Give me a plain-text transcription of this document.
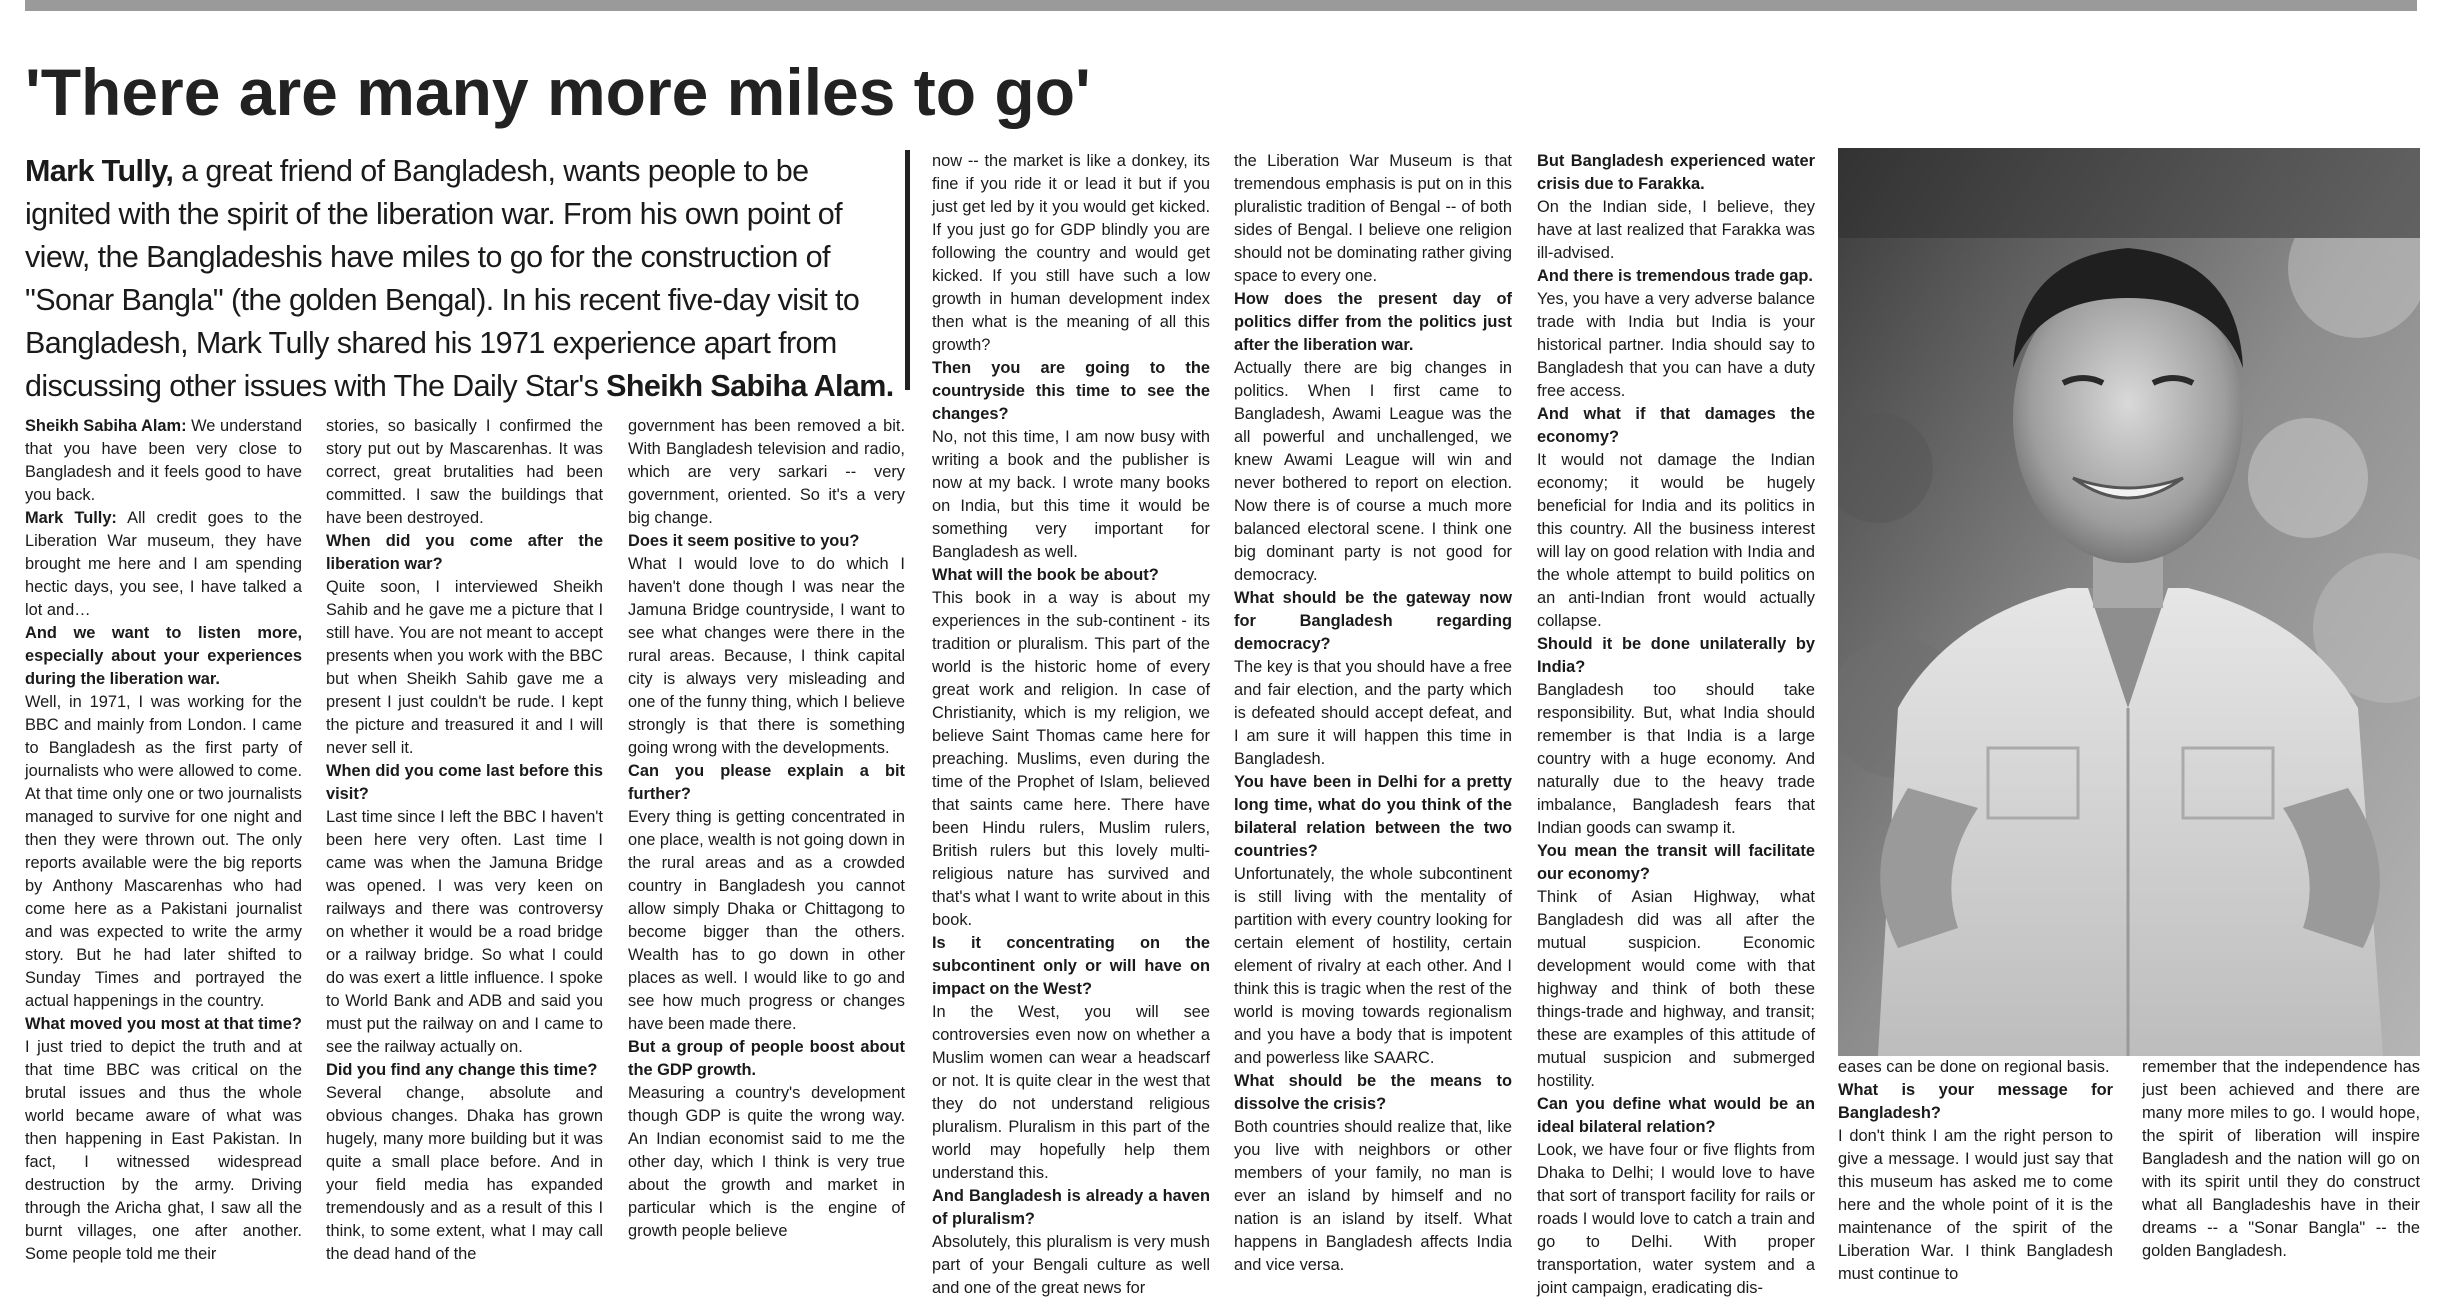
'There are many more miles to go'
Mark Tully, a great friend of Bangladesh, wants people to be ignited with the spirit of the liberation war. From his own point of view, the Bangladeshis have miles to go for the construction of "Sonar Bangla" (the golden Bengal). In his recent five-day visit to Bangladesh, Mark Tully shared his 1971 experience apart from discussing other issues with The Daily Star's Sheikh Sabiha Alam.

Sheikh Sabiha Alam: We understand that you have been very close to Bangladesh and it feels good to have you back.

Mark Tully: All credit goes to the Liberation War museum, they have brought me here and I am spending hectic days, you see, I have talked a lot and…

And we want to listen more, especially about your experiences during the liberation war.

Well, in 1971, I was working for the BBC and mainly from London. I came to Bangladesh as the first party of journalists who were allowed to come. At that time only one or two journalists managed to survive for one night and then they were thrown out. The only reports available were the big reports by Anthony Mascarenhas who had come here as a Pakistani journalist and was expected to write the army story. But he had later shifted to Sunday Times and portrayed the actual happenings in the country.

What moved you most at that time?

I just tried to depict the truth and at that time BBC was critical on the brutal issues and thus the whole world became aware of what was then happening in East Pakistan. In fact, I witnessed widespread destruction by the army. Driving through the Aricha ghat, I saw all the burnt villages, one after another. Some people told me their

stories, so basically I confirmed the story put out by Mascarenhas. It was correct, great brutalities had been committed. I saw the buildings that have been destroyed.

When did you come after the liberation war?

Quite soon, I interviewed Sheikh Sahib and he gave me a picture that I still have. You are not meant to accept presents when you work with the BBC but when Sheikh Sahib gave me a present I just couldn't be rude. I kept the picture and treasured it and I will never sell it.

When did you come last before this visit?

Last time since I left the BBC I haven't been here very often. Last time I came was when the Jamuna Bridge was opened. I was very keen on railways and there was controversy on whether it would be a road bridge or a railway bridge. So what I could do was exert a little influence. I spoke to World Bank and ADB and said you must put the railway on and I came to see the railway actually on.

Did you find any change this time?

Several change, absolute and obvious changes. Dhaka has grown hugely, many more building but it was quite a small place before. And in your field media has expanded tremendously and as a result of this I think, to some extent, what I may call the dead hand of the

government has been removed a bit. With Bangladesh television and radio, which are very sarkari -- very government, oriented. So it's a very big change.

Does it seem positive to you?

What I would love to do which I haven't done though I was near the Jamuna Bridge countryside, I want to see what changes were there in the rural areas. Because, I think capital city is always very misleading and one of the funny thing, which I believe strongly is that there is something going wrong with the developments.

Can you please explain a bit further?

Every thing is getting concentrated in one place, wealth is not going down in the rural areas and as a crowded country in Bangladesh you cannot allow simply Dhaka or Chittagong to become bigger than the others. Wealth has to go down in other places as well. I would like to go and see how much progress or changes have been made there.

But a group of people boost about the GDP growth.

Measuring a country's development though GDP is quite the wrong way. An Indian economist said to me the other day, which I think is very true about the growth and market in particular which is the engine of growth people believe

now -- the market is like a donkey, its fine if you ride it or lead it but if you just get led by it you would get kicked. If you just go for GDP blindly you are following the country and would get kicked. If you still have such a low growth in human development index then what is the meaning of all this growth?

Then you are going to the countryside this time to see the changes?

No, not this time, I am now busy with writing a book and the publisher is now at my back. I wrote many books on India, but this time it would be something very important for Bangladesh as well.

What will the book be about?

This book in a way is about my experiences in the sub-continent - its tradition or pluralism. This part of the world is the historic home of every great work and religion. In case of Christianity, which is my religion, we believe Saint Thomas came here for preaching. Muslims, even during the time of the Prophet of Islam, believed that saints came here. There have been Hindu rulers, Muslim rulers, British rulers but this lovely multi-religious nature has survived and that's what I want to write about in this book.

Is it concentrating on the subcontinent only or will have on impact on the West?

In the West, you will see controversies even now on whether a Muslim women can wear a headscarf or not. It is quite clear in the west that they do not understand religious pluralism. Pluralism in this part of the world may hopefully help them understand this.

And Bangladesh is already a haven of pluralism?

Absolutely, this pluralism is very mush part of your Bengali culture as well and one of the great news for

the Liberation War Museum is that tremendous emphasis is put on in this pluralistic tradition of Bengal -- of both sides of Bengal. I believe one religion should not be dominating rather giving space to every one.

How does the present day of politics differ from the politics just after the liberation war.

Actually there are big changes in politics. When I first came to Bangladesh, Awami League was the all powerful and unchallenged, we knew Awami League will win and never bothered to report on election. Now there is of course a much more balanced electoral scene. I think one big dominant party is not good for democracy.

What should be the gateway now for Bangladesh regarding democracy?

The key is that you should have a free and fair election, and the party which is defeated should accept defeat, and I am sure it will happen this time in Bangladesh.

You have been in Delhi for a pretty long time, what do you think of the bilateral relation between the two countries?

Unfortunately, the whole subcontinent is still living with the mentality of partition with every country looking for certain element of hostility, certain element of rivalry at each other. And I think this is tragic when the rest of the world is moving towards regionalism and you have a body that is impotent and powerless like SAARC.

What should be the means to dissolve the crisis?

Both countries should realize that, like you live with neighbors or other members of your family, no man is ever an island by himself and no nation is an island by itself. What happens in Bangladesh affects India and vice versa.

But Bangladesh experienced water crisis due to Farakka.

On the Indian side, I believe, they have at last realized that Farakka was ill-advised.

And there is tremendous trade gap.

Yes, you have a very adverse balance trade with India but India is your historical partner. India should say to Bangladesh that you can have a duty free access.

And what if that damages the economy?

It would not damage the Indian economy; it would be hugely beneficial for India and its politics in this country. All the business interest will lay on good relation with India and the whole attempt to build politics on an anti-Indian front would actually collapse.

Should it be done unilaterally by India?

Bangladesh too should take responsibility. But, what India should remember is that India is a large country with a huge economy. And naturally due to the heavy trade imbalance, Bangladesh fears that Indian goods can swamp it.

You mean the transit will facilitate our economy?

Think of Asian Highway, what Bangladesh did was all after the mutual suspicion. Economic development would come with that highway and think of both these things-trade and highway, and transit; these are examples of this attitude of mutual suspicion and submerged hostility.

Can you define what would be an ideal bilateral relation?

Look, we have four or five flights from Dhaka to Delhi; I would love to have that sort of transport facility for rails or roads I would love to catch a train and go to Delhi. With proper transportation, water system and a joint campaign, eradicating dis-

eases can be done on regional basis.

What is your message for Bangladesh?

I don't think I am the right person to give a message. I would just say that this museum has asked me to come here and the whole point of it is the maintenance of the spirit of the Liberation War. I think Bangladesh must continue to

remember that the independence has just been achieved and there are many more miles to go. I would hope, the spirit of liberation will inspire Bangladesh and the nation will go on with its spirit until they do construct what all Bangladeshis have in their dreams -- a "Sonar Bangla" -- the golden Bangladesh.
